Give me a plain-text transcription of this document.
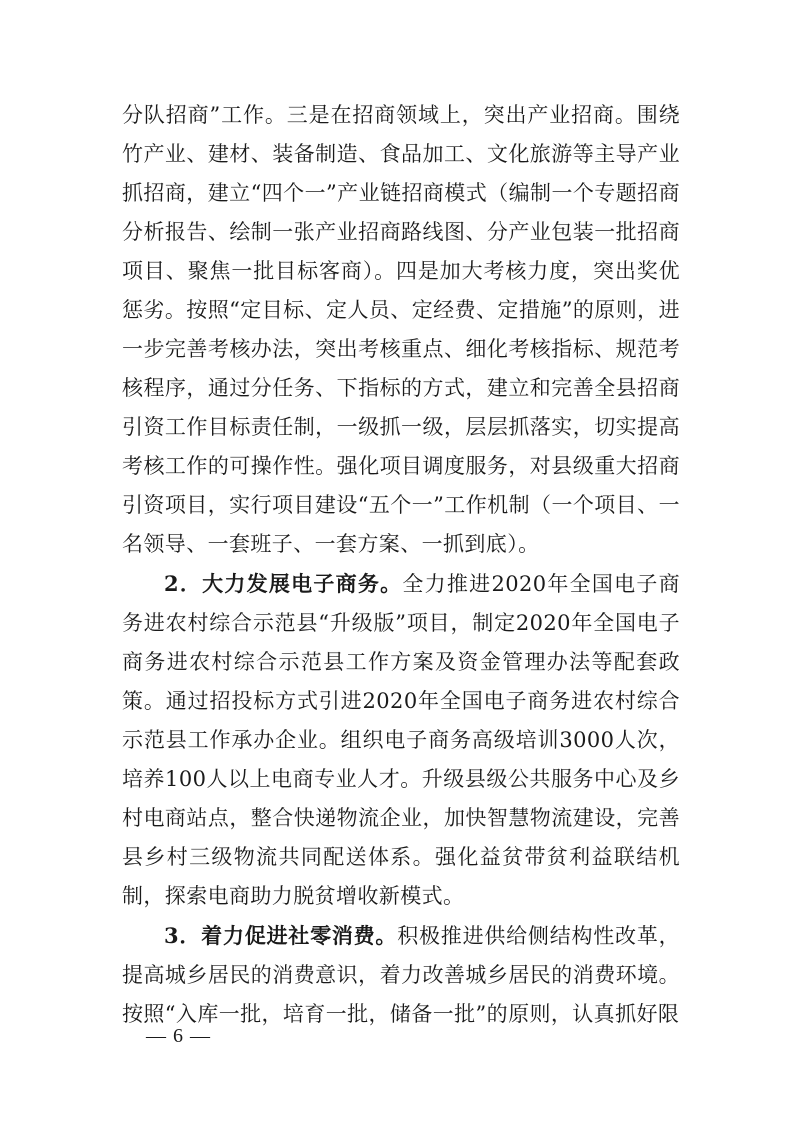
分队招商”工作。三是在招商领域上，突出产业招商。围绕竹产业、建材、装备制造、食品加工、文化旅游等主导产业抓招商，建立“四个一”产业链招商模式（编制一个专题招商分析报告、绘制一张产业招商路线图、分产业包装一批招商项目、聚焦一批目标客商）。四是加大考核力度，突出奖优惩劣。按照“定目标、定人员、定经费、定措施”的原则，进一步完善考核办法，突出考核重点、细化考核指标、规范考核程序，通过分任务、下指标的方式，建立和完善全县招商引资工作目标责任制，一级抓一级，层层抓落实，切实提高考核工作的可操作性。强化项目调度服务，对县级重大招商引资项目，实行项目建设“五个一”工作机制（一个项目、一名领导、一套班子、一套方案、一抓到底）。

2．大力发展电子商务。全力推进2020年全国电子商务进农村综合示范县“升级版”项目，制定2020年全国电子商务进农村综合示范县工作方案及资金管理办法等配套政策。通过招投标方式引进2020年全国电子商务进农村综合示范县工作承办企业。组织电子商务高级培训3000人次，培养100人以上电商专业人才。升级县级公共服务中心及乡村电商站点，整合快递物流企业，加快智慧物流建设，完善县乡村三级物流共同配送体系。强化益贫带贫利益联结机制，探索电商助力脱贫增收新模式。

3．着力促进社零消费。积极推进供给侧结构性改革，提高城乡居民的消费意识，着力改善城乡居民的消费环境。按照“入库一批，培育一批，储备一批”的原则，认真抓好限

— 6 —
